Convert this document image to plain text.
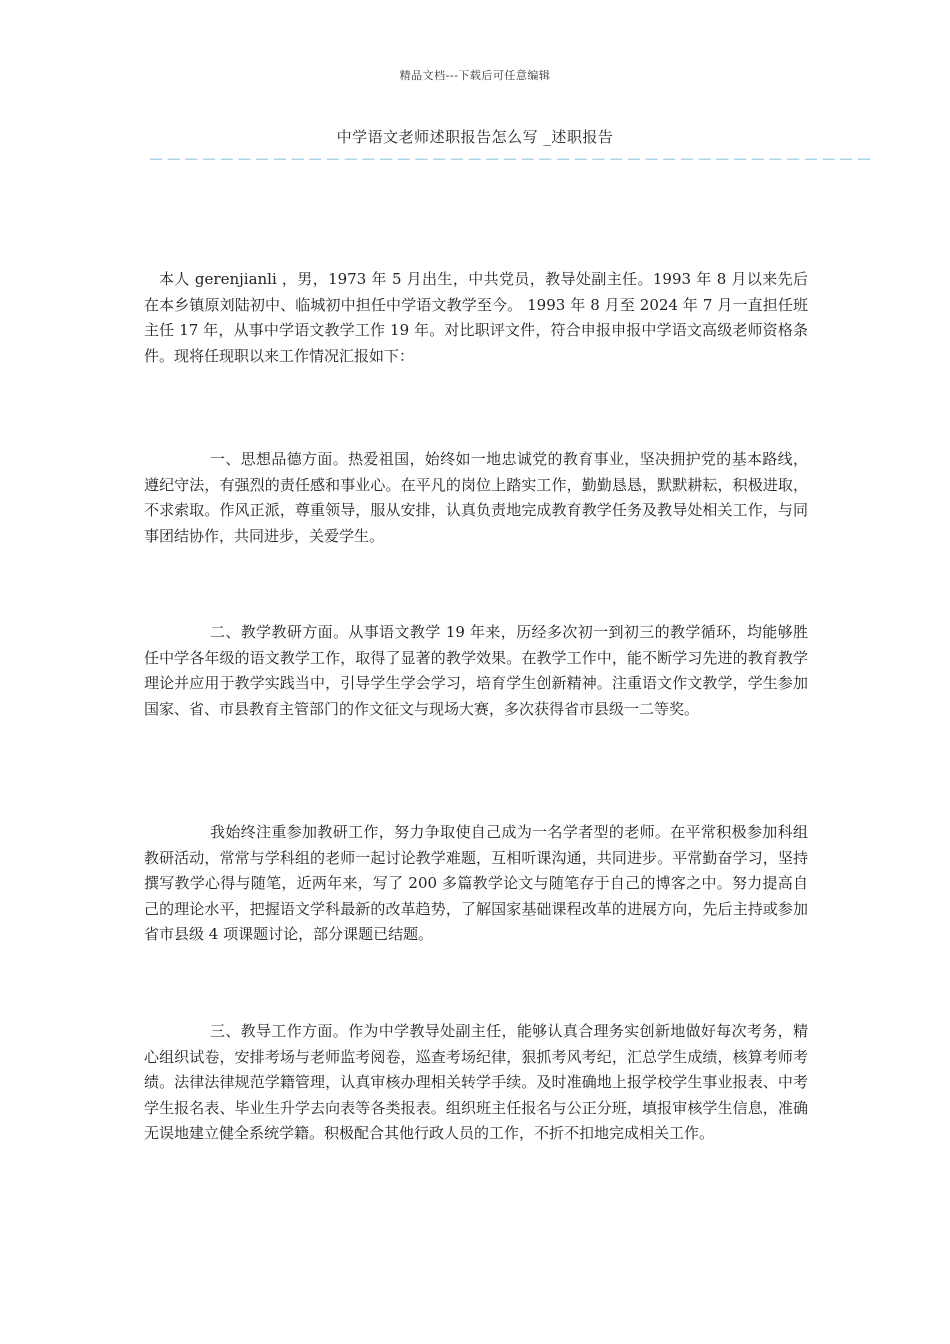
精品文档---下载后可任意编辑
中学语文老师述职报告怎么写 _述职报告
－－－－－－－－－－－－－－－－－－－－－－－－－－－－－－－－－－－－－－－－－

本人 gerenjianli ，男，1973 年 5 月出生，中共党员，教导处副主任。1993 年 8 月以来先后在本乡镇原刘陆初中、临城初中担任中学语文教学至今。 1993 年 8 月至 2024 年 7 月一直担任班主任 17 年，从事中学语文教学工作 19 年。对比职评文件，符合申报申报中学语文高级老师资格条件。现将任现职以来工作情况汇报如下：

一、思想品德方面。热爱祖国，始终如一地忠诚党的教育事业，坚决拥护党的基本路线，遵纪守法，有强烈的责任感和事业心。在平凡的岗位上踏实工作，勤勤恳恳，默默耕耘，积极进取，不求索取。作风正派，尊重领导，服从安排，认真负责地完成教育教学任务及教导处相关工作，与同事团结协作，共同进步，关爱学生。

二、教学教研方面。从事语文教学 19 年来，历经多次初一到初三的教学循环，均能够胜任中学各年级的语文教学工作，取得了显著的教学效果。在教学工作中，能不断学习先进的教育教学理论并应用于教学实践当中，引导学生学会学习，培育学生创新精神。注重语文作文教学，学生参加国家、省、市县教育主管部门的作文征文与现场大赛，多次获得省市县级一二等奖。

我始终注重参加教研工作，努力争取使自己成为一名学者型的老师。在平常积极参加科组教研活动，常常与学科组的老师一起讨论教学难题，互相听课沟通，共同进步。平常勤奋学习，坚持撰写教学心得与随笔，近两年来，写了 200 多篇教学论文与随笔存于自己的博客之中。努力提高自己的理论水平，把握语文学科最新的改革趋势，了解国家基础课程改革的进展方向，先后主持或参加省市县级 4 项课题讨论，部分课题已结题。

三、教导工作方面。作为中学教导处副主任，能够认真合理务实创新地做好每次考务，精心组织试卷，安排考场与老师监考阅卷，巡查考场纪律，狠抓考风考纪，汇总学生成绩，核算考师考绩。法律法律规范学籍管理，认真审核办理相关转学手续。及时准确地上报学校学生事业报表、中考学生报名表、毕业生升学去向表等各类报表。组织班主任报名与公正分班，填报审核学生信息，准确无误地建立健全系统学籍。积极配合其他行政人员的工作，不折不扣地完成相关工作。
